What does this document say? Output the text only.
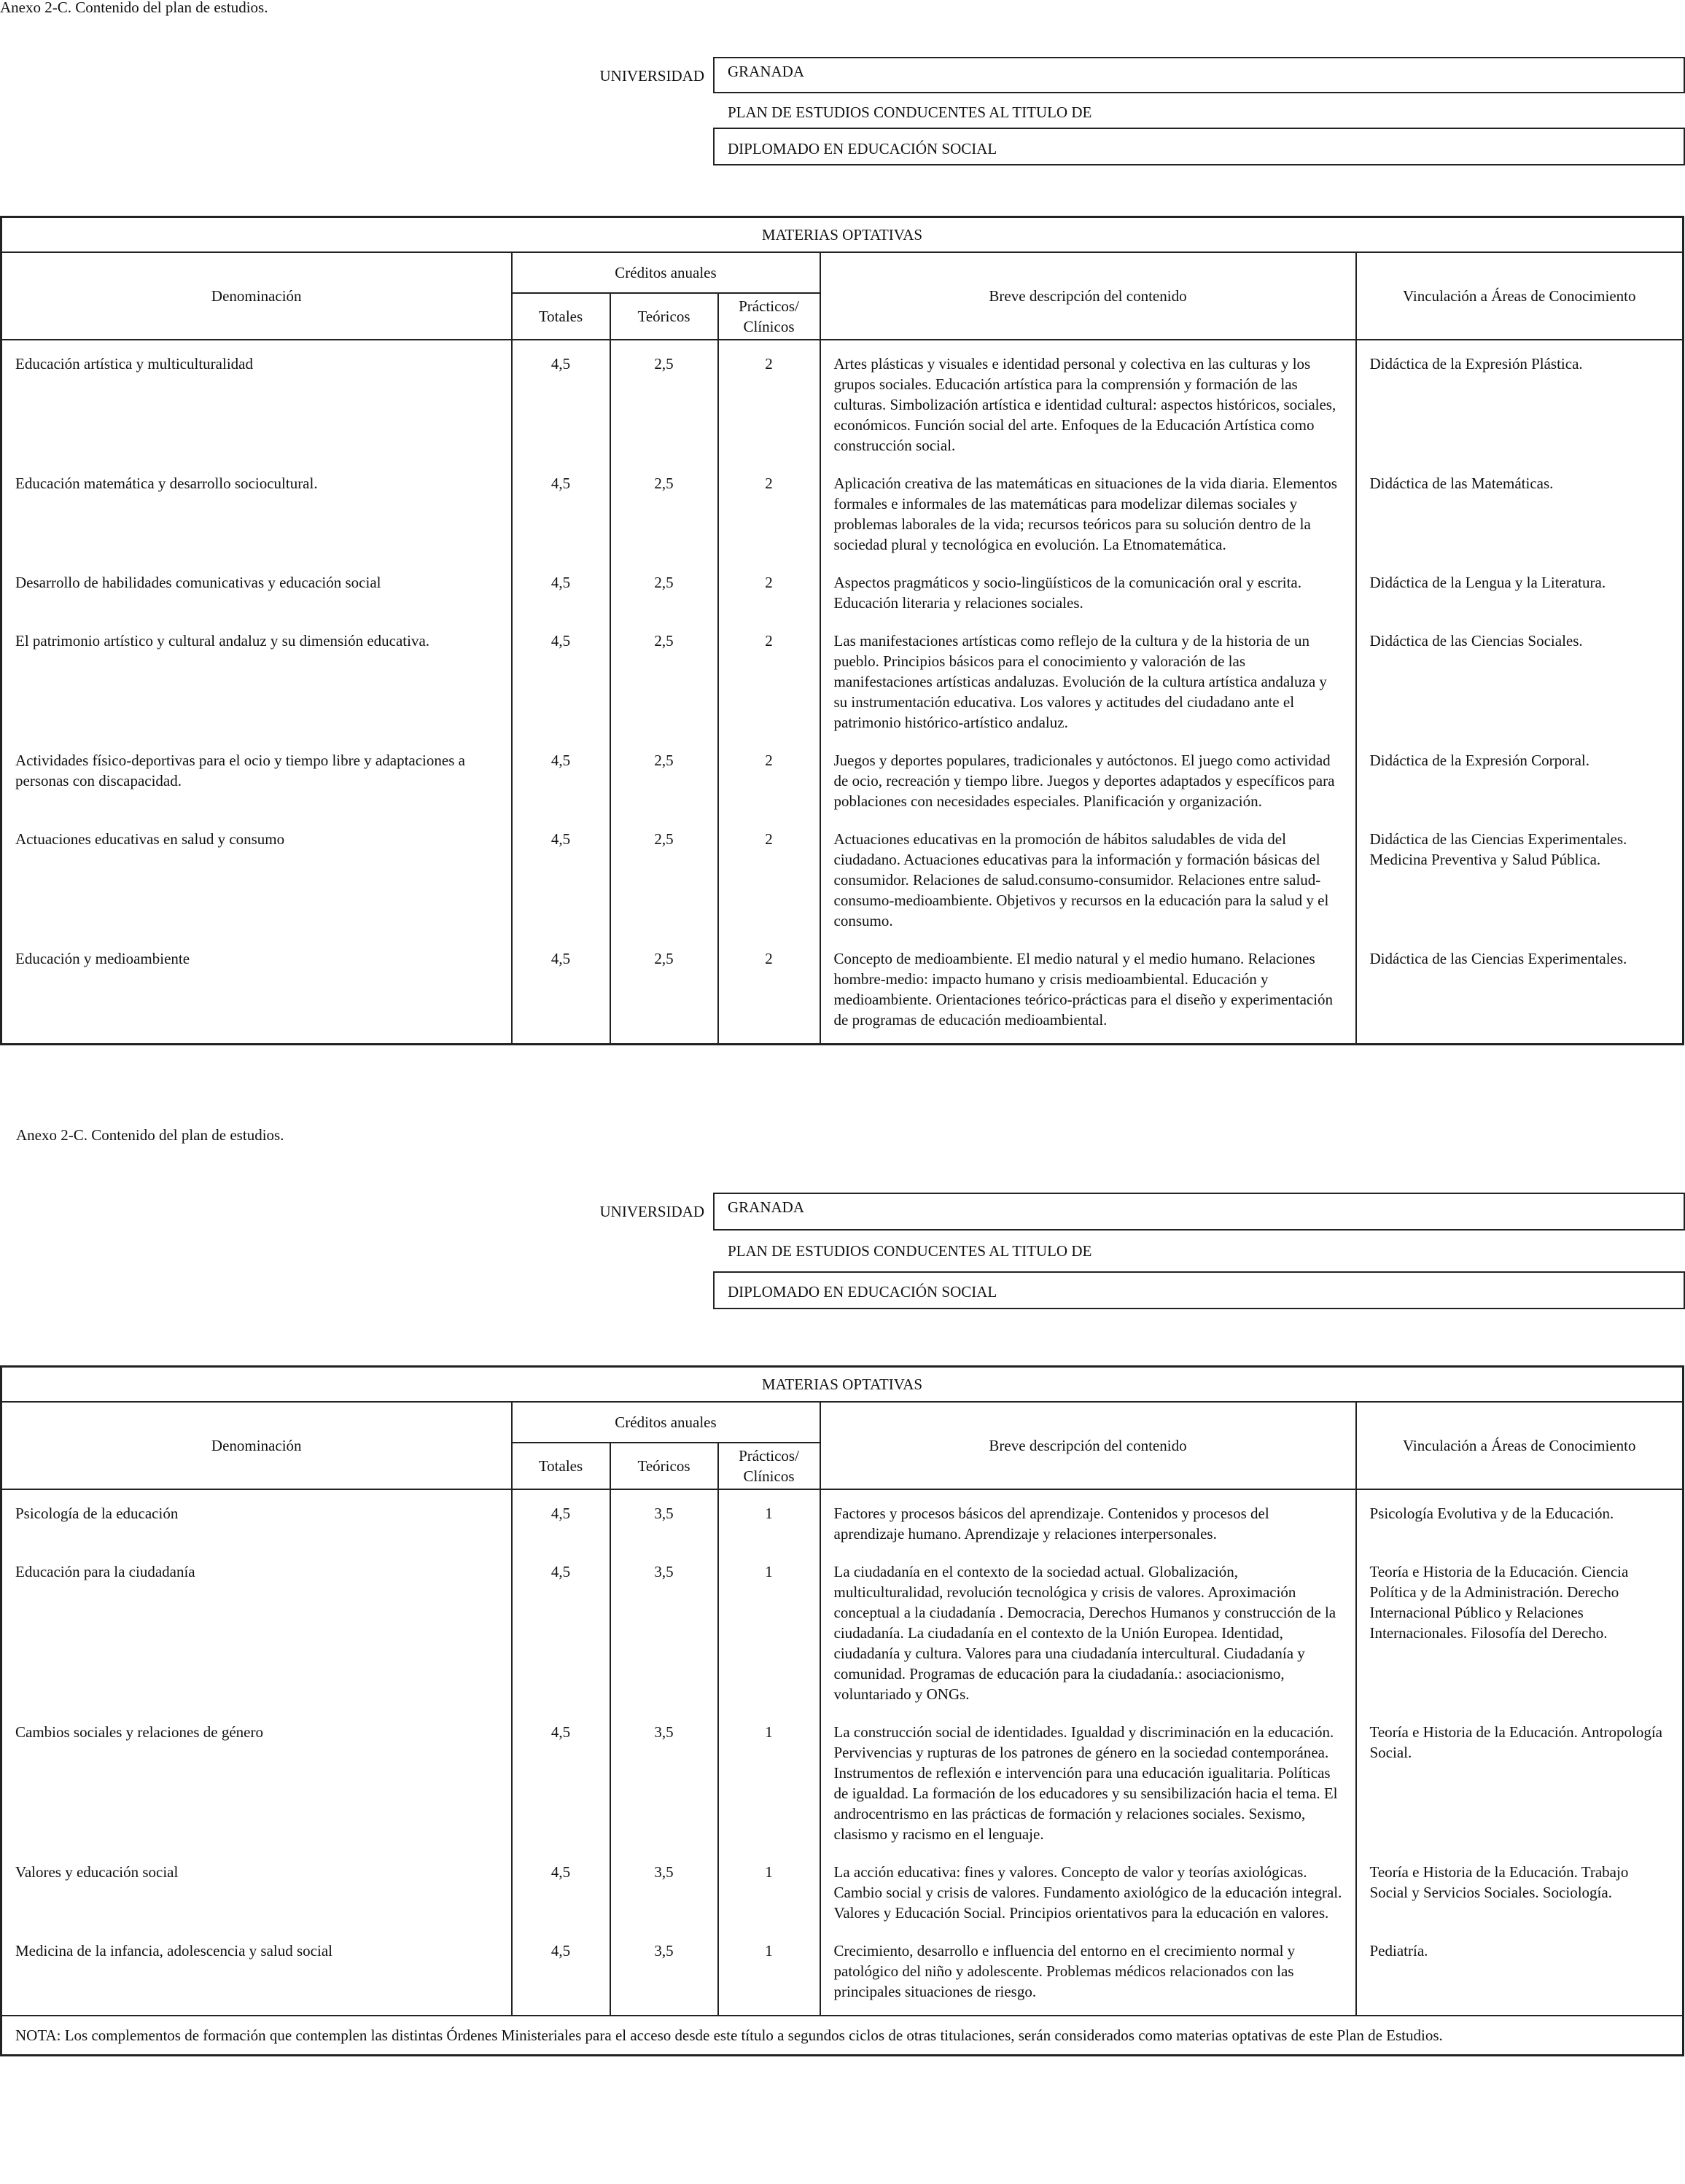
Anexo 2-C. Contenido del plan de estudios.
UNIVERSIDAD	GRANADA
PLAN DE ESTUDIOS CONDUCENTES AL TITULO DE
DIPLOMADO EN EDUCACIÓN SOCIAL
MATERIAS OPTATIVAS					
Denominación	Créditos anuales			Breve descripción del contenido	Vinculación a Áreas de Conocimiento
	Totales	Teóricos	Prácticos/ Clínicos		
Educación artística y multiculturalidad	4,5	2,5	2	Artes plásticas y visuales e identidad personal y colectiva en las culturas y los grupos sociales. Educación artística para la comprensión y formación de las culturas. Simbolización artística e identidad cultural: aspectos históricos, sociales, económicos. Función social del arte. Enfoques de la Educación Artística como construcción social.	Didáctica de la Expresión Plástica.
Educación matemática y desarrollo sociocultural.	4,5	2,5	2	Aplicación creativa de las matemáticas en situaciones de la vida diaria. Elementos formales e informales de las matemáticas para modelizar dilemas sociales y problemas laborales de la vida; recursos teóricos para su solución dentro de la sociedad plural y tecnológica en evolución. La Etnomatemática.	Didáctica de las Matemáticas.
Desarrollo de habilidades comunicativas y educación social	4,5	2,5	2	Aspectos pragmáticos y socio-lingüísticos de la comunicación oral y escrita. Educación literaria y relaciones sociales.	Didáctica de la Lengua y la Literatura.
El patrimonio artístico y cultural andaluz y su dimensión educativa.	4,5	2,5	2	Las manifestaciones artísticas como reflejo de la cultura y de la historia de un pueblo. Principios básicos para el conocimiento y valoración de las manifestaciones artísticas andaluzas. Evolución de la cultura artística andaluza y su instrumentación educativa. Los valores y actitudes del ciudadano ante el patrimonio histórico-artístico andaluz.	Didáctica de las Ciencias Sociales.
Actividades físico-deportivas para el ocio y tiempo libre y adaptaciones a personas con discapacidad.	4,5	2,5	2	Juegos y deportes populares, tradicionales y autóctonos. El juego como actividad de ocio, recreación y tiempo libre. Juegos y deportes adaptados y específicos para poblaciones con necesidades especiales. Planificación y organización.	Didáctica de la Expresión Corporal.
Actuaciones educativas en salud y consumo	4,5	2,5	2	Actuaciones educativas en la promoción de hábitos saludables de vida del ciudadano. Actuaciones educativas para la información y formación básicas del consumidor. Relaciones de salud.consumo-consumidor. Relaciones entre salud-consumo-medioambiente. Objetivos y recursos en la educación para la salud y el consumo.	Didáctica de las Ciencias Experimentales. Medicina Preventiva y Salud Pública.
Educación y medioambiente	4,5	2,5	2	Concepto de medioambiente. El medio natural y el medio humano. Relaciones hombre-medio: impacto humano y crisis medioambiental. Educación y medioambiente. Orientaciones teórico-prácticas para el diseño y experimentación de programas de educación medioambiental.	Didáctica de las Ciencias Experimentales.
Anexo 2-C. Contenido del plan de estudios.
UNIVERSIDAD	GRANADA
PLAN DE ESTUDIOS CONDUCENTES AL TITULO DE
DIPLOMADO EN EDUCACIÓN SOCIAL
MATERIAS OPTATIVAS					
Denominación	Créditos anuales			Breve descripción del contenido	Vinculación a Áreas de Conocimiento
	Totales	Teóricos	Prácticos/ Clínicos		
Psicología de la educación	4,5	3,5	1	Factores y procesos básicos del aprendizaje. Contenidos y procesos del aprendizaje humano. Aprendizaje y relaciones interpersonales.	Psicología Evolutiva y de la Educación.
Educación para la ciudadanía	4,5	3,5	1	La ciudadanía en el contexto de la sociedad actual. Globalización, multiculturalidad, revolución tecnológica y crisis de valores. Aproximación conceptual a la ciudadanía . Democracia, Derechos Humanos y construcción de la ciudadanía. La ciudadanía en el contexto de la Unión Europea. Identidad, ciudadanía y cultura. Valores para una ciudadanía intercultural. Ciudadanía y comunidad. Programas de educación para la ciudadanía.: asociacionismo, voluntariado y ONGs.	Teoría e Historia de la Educación. Ciencia Política y de la Administración. Derecho Internacional Público y Relaciones Internacionales. Filosofía del Derecho.
Cambios sociales y relaciones de género	4,5	3,5	1	La construcción social de identidades. Igualdad y discriminación en la educación. Pervivencias y rupturas de los patrones de género en la sociedad contemporánea. Instrumentos de reflexión e intervención para una educación igualitaria. Políticas de igualdad. La formación de los educadores y su sensibilización hacia el tema. El androcentrismo en las prácticas de formación y relaciones sociales. Sexismo, clasismo y racismo en el lenguaje.	Teoría e Historia de la Educación. Antropología Social.
Valores y educación social	4,5	3,5	1	La acción educativa: fines y valores. Concepto de valor y teorías axiológicas. Cambio social y crisis de valores. Fundamento axiológico de la educación integral. Valores y Educación Social. Principios orientativos para la educación en valores.	Teoría e Historia de la Educación. Trabajo Social y Servicios Sociales. Sociología.
Medicina de la infancia, adolescencia y salud social	4,5	3,5	1	Crecimiento, desarrollo e influencia del entorno en el crecimiento normal y patológico del niño y adolescente. Problemas médicos relacionados con las principales situaciones de riesgo.	Pediatría.
NOTA: Los complementos de formación que contemplen las distintas Órdenes Ministeriales para el acceso desde este título a segundos ciclos de otras titulaciones, serán considerados como materias optativas de este Plan de Estudios.					
